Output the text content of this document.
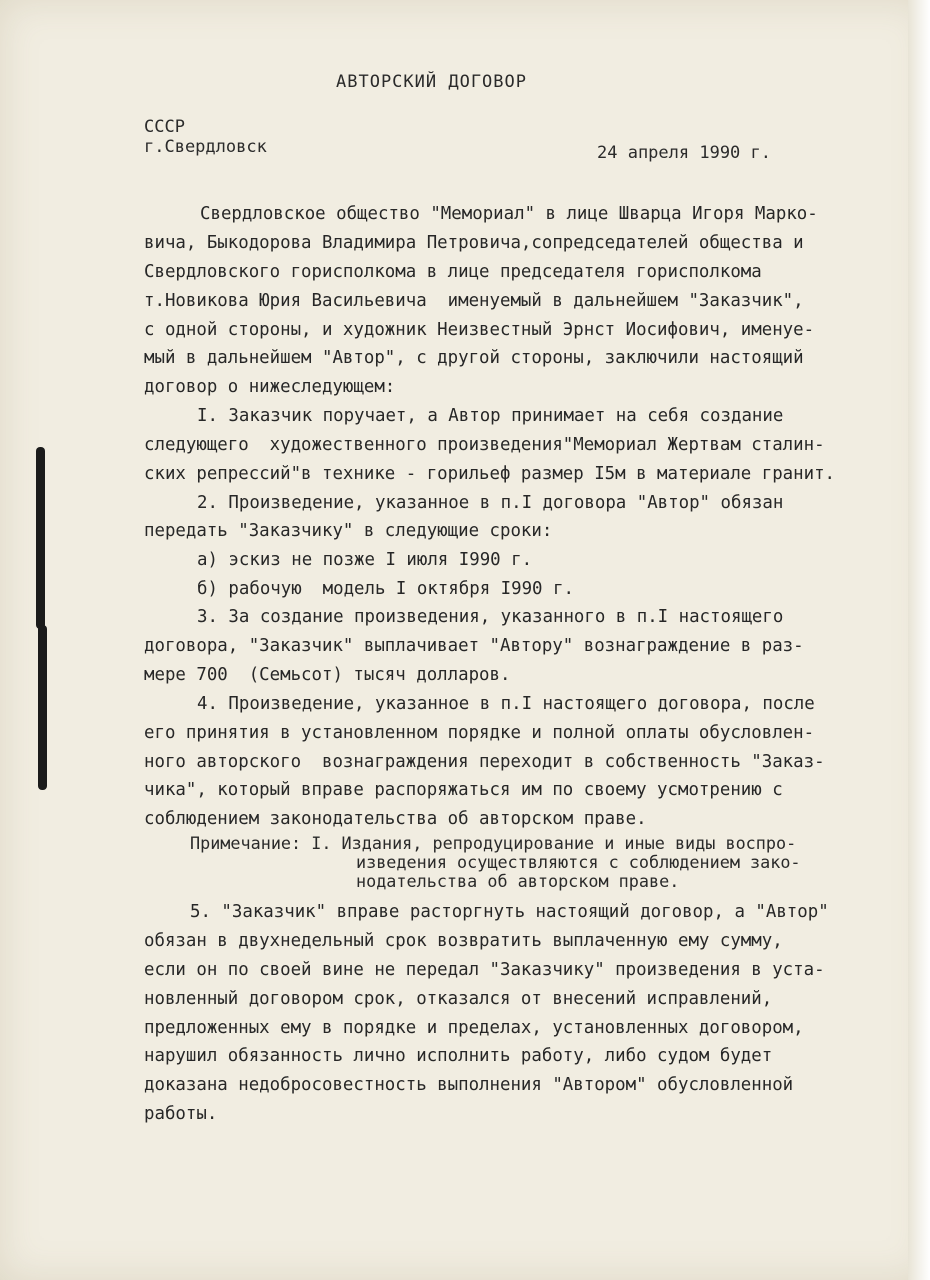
АВТОРСКИЙ ДОГОВОР
СССР
г.Свердловск	24 апреля 1990 г.
Свердловское общество "Мемориал" в лице Шварца Игоря Марко-
вича, Быкодорова Владимира Петровича,сопредседателей общества и
Свердловского горисполкома в лице председателя горисполкома
т.Новикова Юрия Васильевича  именуемый в дальнейшем "Заказчик",
с одной стороны, и художник Неизвестный Эрнст Иосифович, именуе-
мый в дальнейшем "Автор", с другой стороны, заключили настоящий
договор о нижеследующем:
I. Заказчик поручает, а Автор принимает на себя создание
следующего  художественного произведения"Мемориал Жертвам сталин-
ских репрессий"в технике - горильеф размер I5м в материале гранит.
2. Произведение, указанное в п.I договора "Автор" обязан
передать "Заказчику" в следующие сроки:
а) эскиз не позже I июля I990 г.
б) рабочую  модель I октября I990 г.
3. За создание произведения, указанного в п.I настоящего
договора, "Заказчик" выплачивает "Автору" вознаграждение в раз-
мере 700  (Семьсот) тысяч долларов.
4. Произведение, указанное в п.I настоящего договора, после
его принятия в установленном порядке и полной оплаты обусловлен-
ного авторского  вознаграждения переходит в собственность "Заказ-
чика", который вправе распоряжаться им по своему усмотрению с
соблюдением законодательства об авторском праве.
Примечание: I. Издания, репродуцирование и иные виды воспро-
изведения осуществляются с соблюдением зако-
нодательства об авторском праве.
5. "Заказчик" вправе расторгнуть настоящий договор, а "Автор"
обязан в двухнедельный срок возвратить выплаченную ему сумму,
если он по своей вине не передал "Заказчику" произведения в уста-
новленный договором срок, отказался от внесений исправлений,
предложенных ему в порядке и пределах, установленных договором,
нарушил обязанность лично исполнить работу, либо судом будет
доказана недобросовестность выполнения "Автором" обусловленной
работы.
